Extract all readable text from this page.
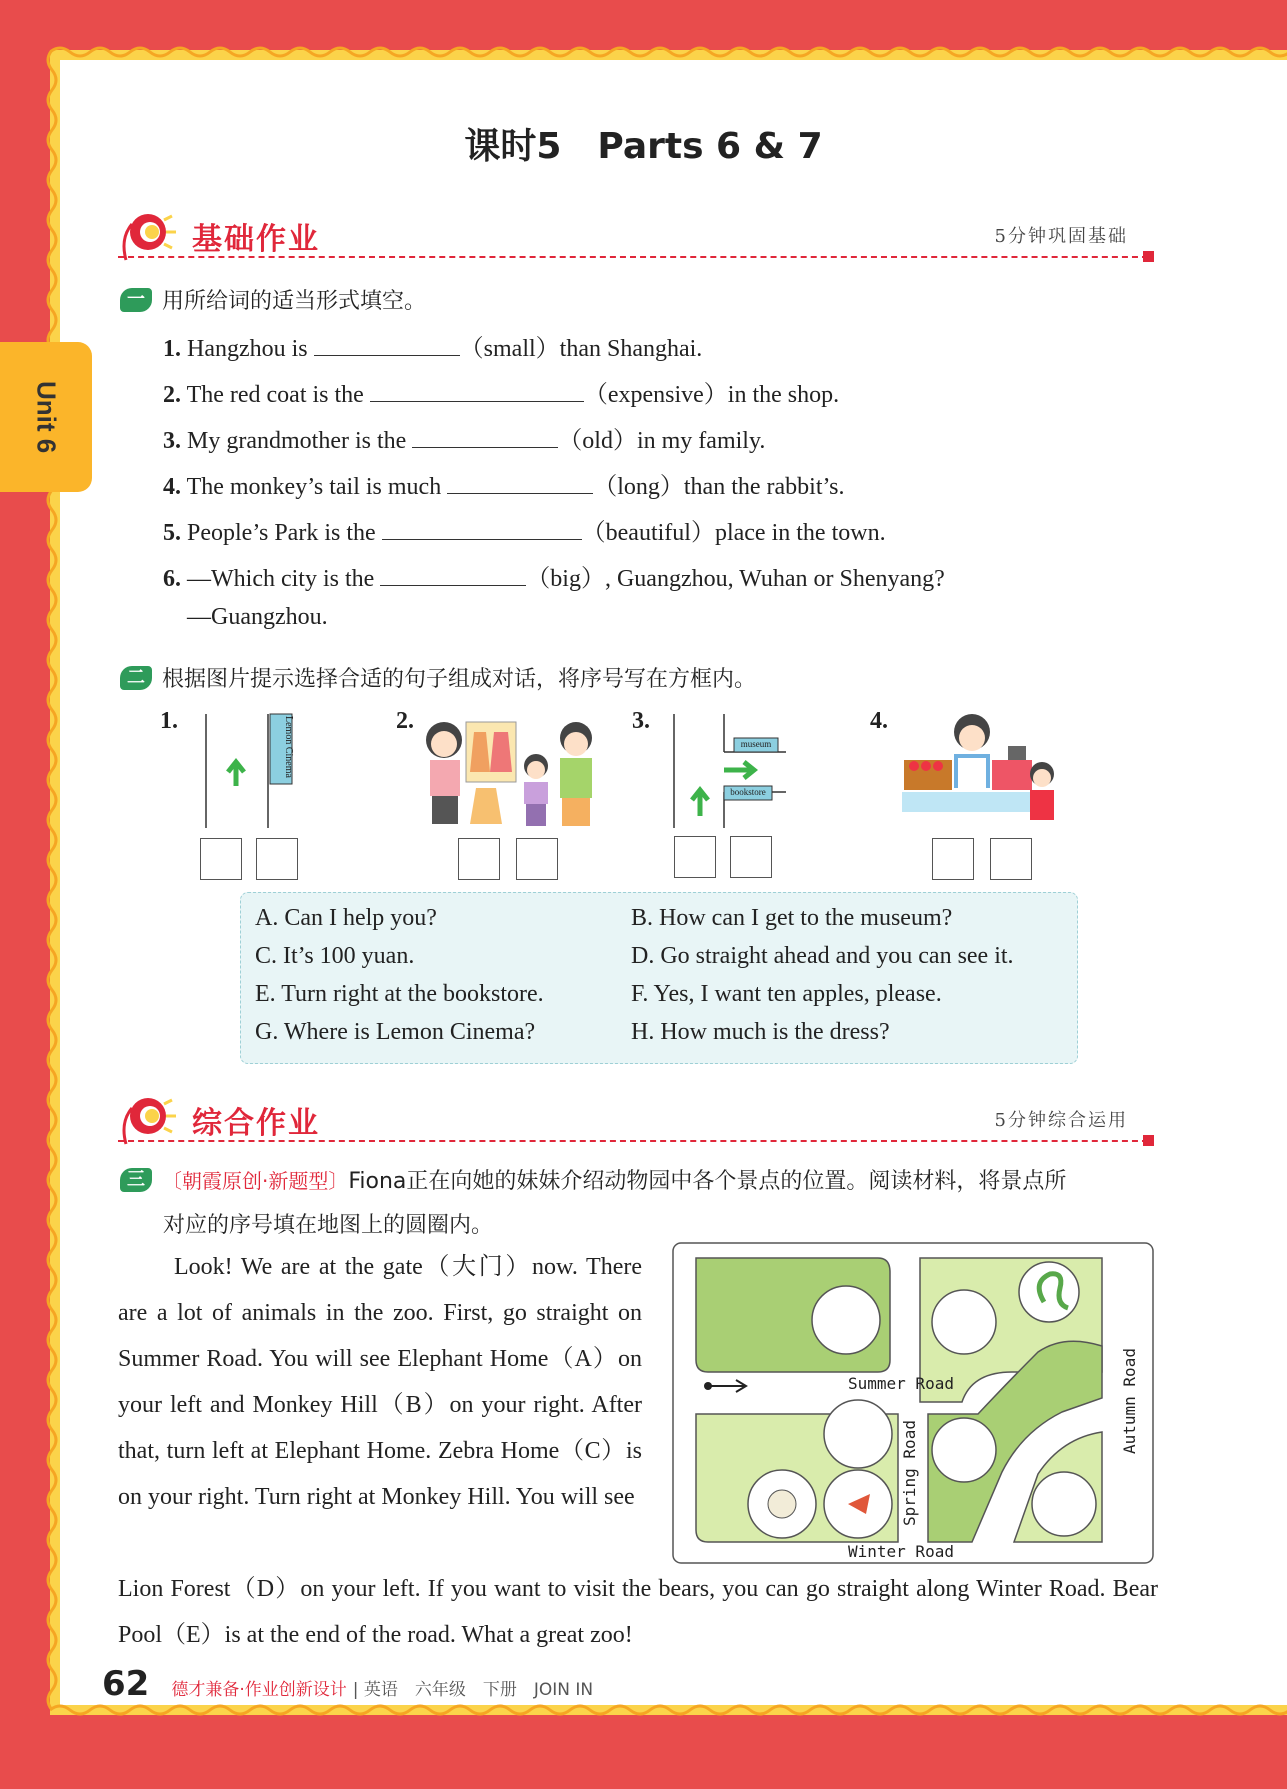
Unit 6
课时5　Parts 6 & 7
基础作业	5分钟巩固基础
一 用所给词的适当形式填空。
1. Hangzhou is	（small）than Shanghai.
2. The red coat is the	（expensive）in the shop.
3. My grandmother is the	（old）in my family.
4. The monkey’s tail is much	（long）than the rabbit’s.
5. People’s Park is the	（beautiful）place in the town.
6. —Which city is the	（big）, Guangzhou, Wuhan or Shenyang?
—Guangzhou.
二 根据图片提示选择合适的句子组成对话，将序号写在方框内。
1.	Lemon Cinema	2.	3.
museum
bookstore
4.
A. Can I help you?	B. How can I get to the museum?
C. It’s 100 yuan.	D. Go straight ahead and you can see it.
E. Turn right at the bookstore.	F. Yes, I want ten apples, please.
G. Where is Lemon Cinema?	H. How much is the dress?
综合作业	5分钟综合运用
三 〔朝霞原创·新题型〕 Fiona正在向她的妹妹介绍动物园中各个景点的位置。阅读材料，将景点所
对应的序号填在地图上的圆圈内。
Look! We are at the gate（大门）now. There are a lot of animals in the zoo. First, go straight on Summer Road. You will see Elephant Home（A）on your left and Monkey Hill（B）on your right. After that, turn left at Elephant Home. Zebra Home（C）is on your right. Turn right at Monkey Hill. You will see
Lion Forest（D）on your left. If you want to visit the bears, you can go straight along Winter Road. Bear Pool（E）is at the end of the road. What a great zoo!
Summer Road
Winter Road
Spring Road
Autumn Road
62 德才兼备·作业创新设计 | 英语　六年级　下册　JOIN IN
